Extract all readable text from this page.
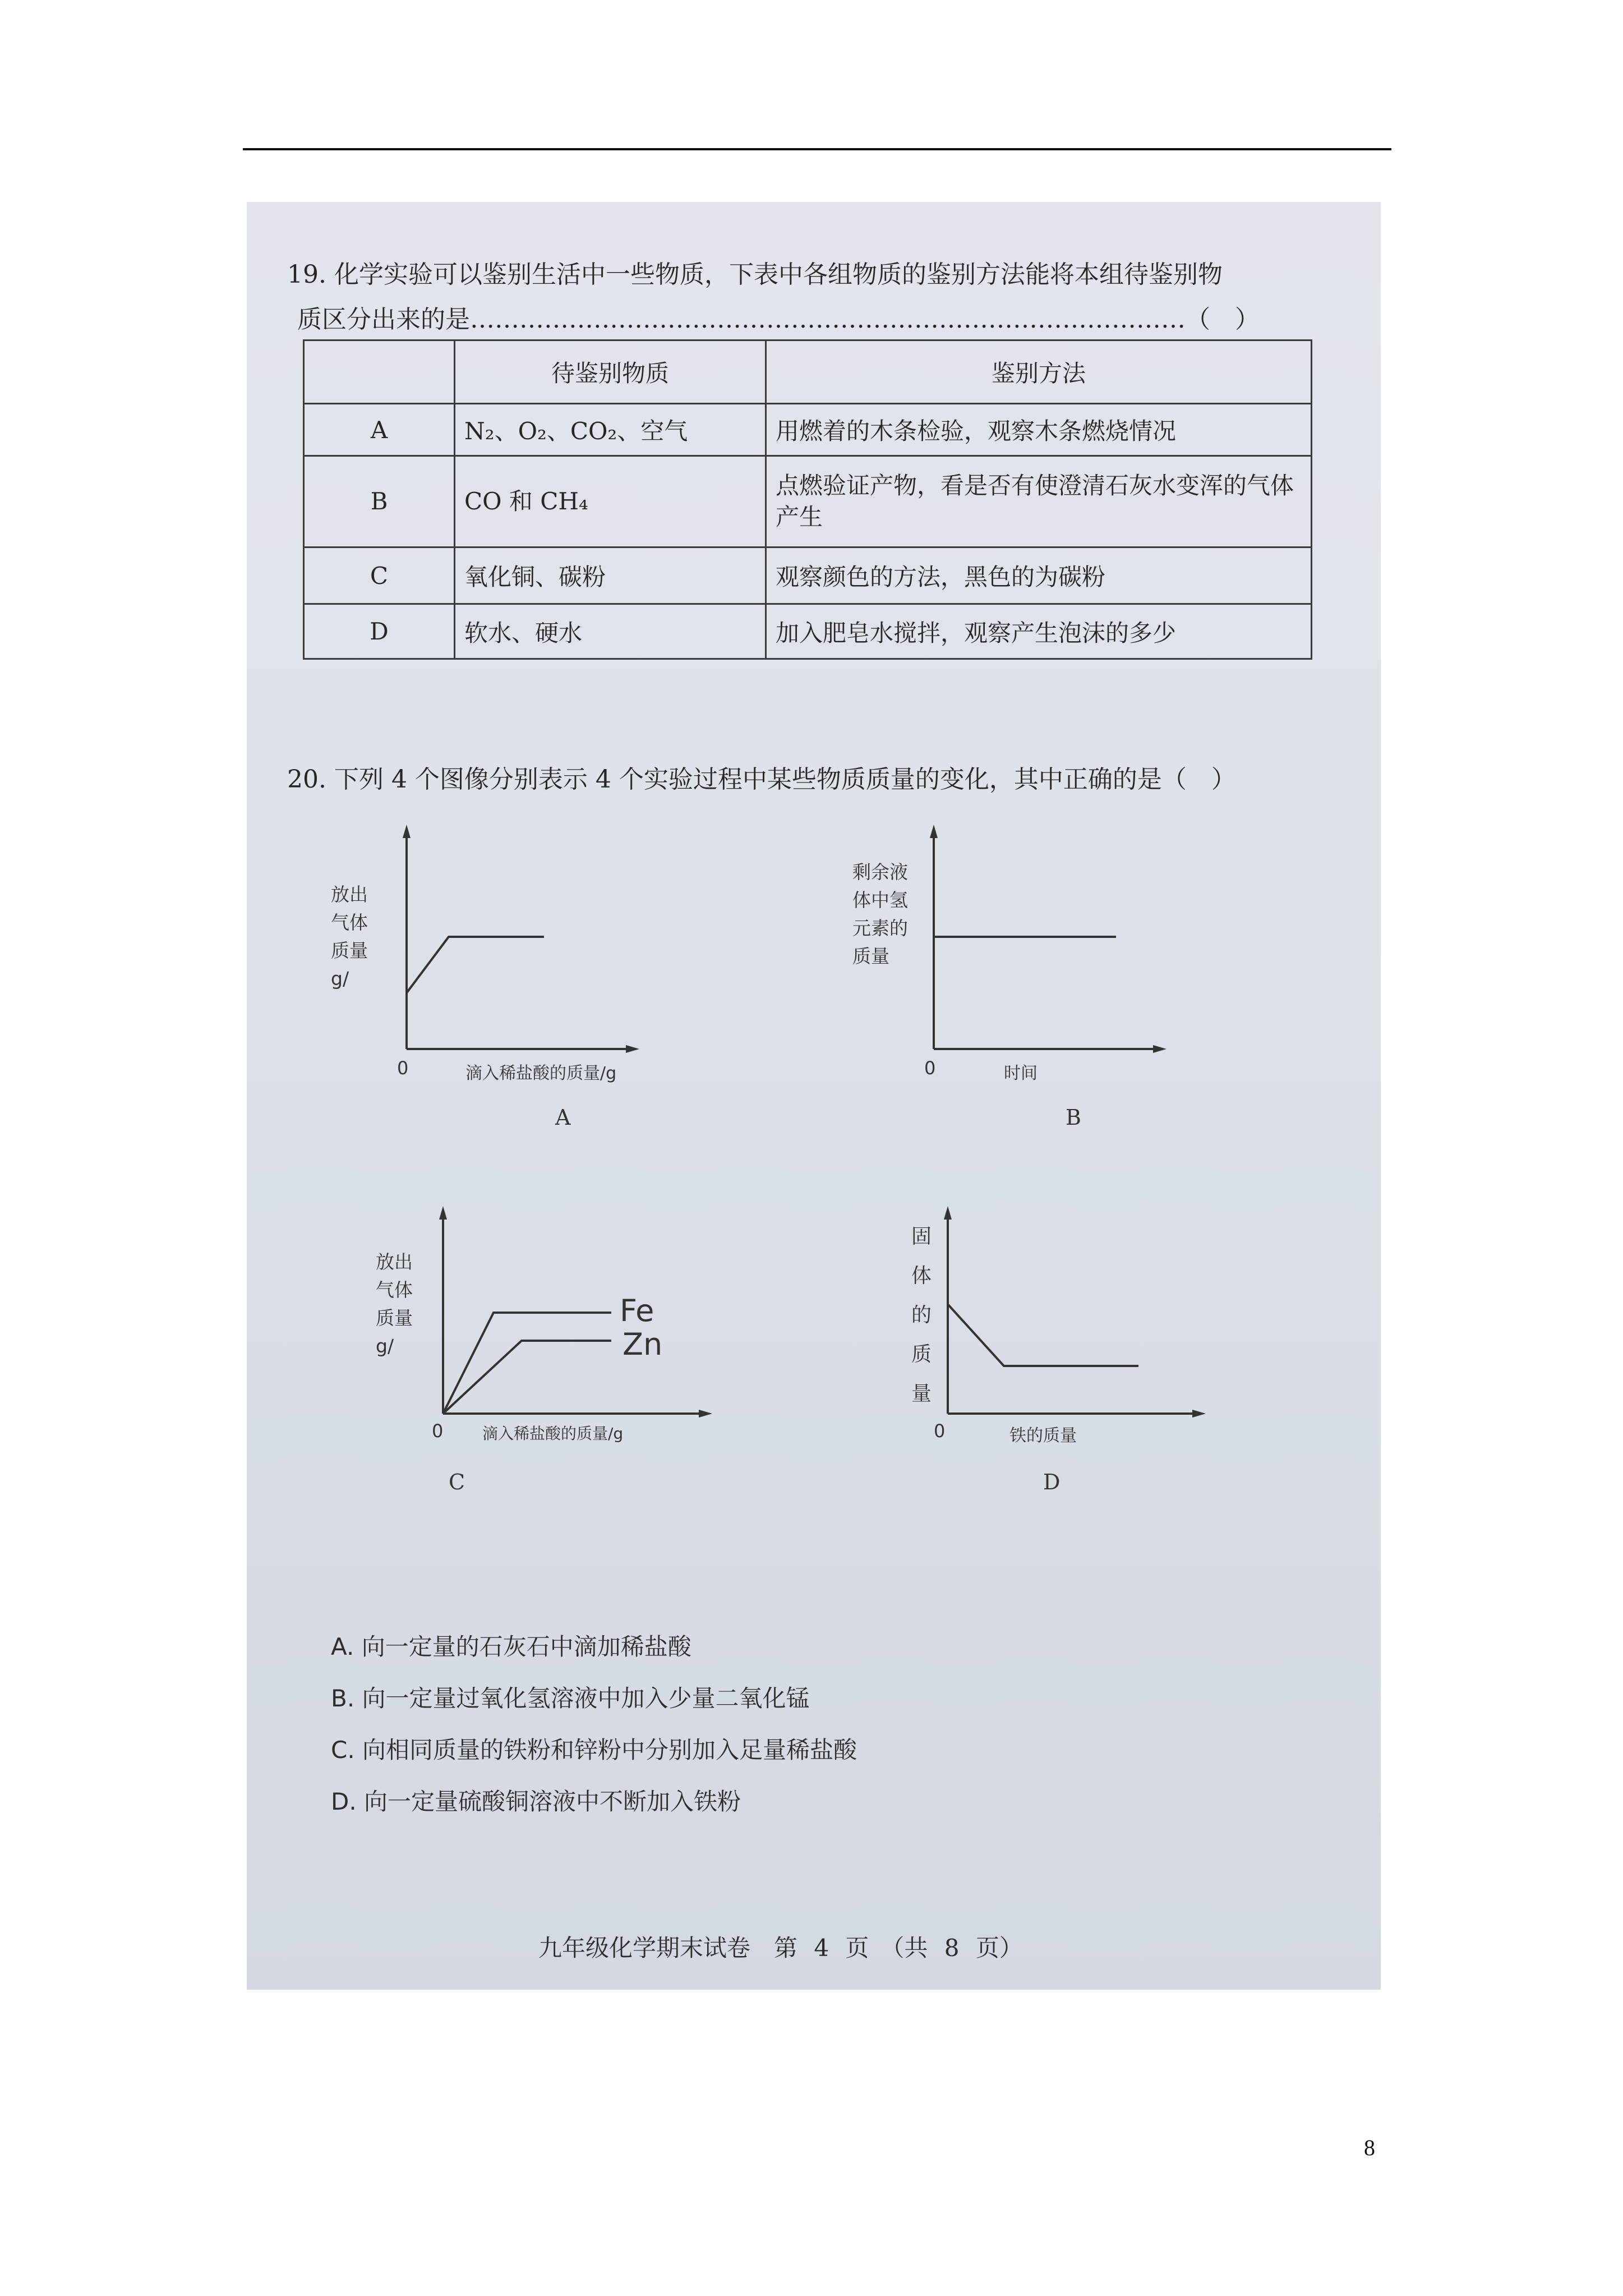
19. 化学实验可以鉴别生活中一些物质，下表中各组物质的鉴别方法能将本组待鉴别物
质区分出来的是……………………………………………………………………………（　）
	待鉴别物质	鉴别方法
A	N₂、O₂、CO₂、空气	用燃着的木条检验，观察木条燃烧情况
B	CO 和 CH₄	点燃验证产物，看是否有使澄清石灰水变浑的气体产生
C	氧化铜、碳粉	观察颜色的方法，黑色的为碳粉
D	软水、硬水	加入肥皂水搅拌，观察产生泡沫的多少
20. 下列 4 个图像分别表示 4 个实验过程中某些物质质量的变化，其中正确的是（　）
放出
气体
质量
g/
0	滴入稀盐酸的质量/g
A
剩余液
体中氢
元素的
质量
0	时间
B
放出
气体
质量
g/
Fe
Zn
0 滴入稀盐酸的质量/g
C
固
体
的
质
量
0	铁的质量
D
A. 向一定量的石灰石中滴加稀盐酸
B. 向一定量过氧化氢溶液中加入少量二氧化锰
C. 向相同质量的铁粉和锌粉中分别加入足量稀盐酸
D. 向一定量硫酸铜溶液中不断加入铁粉
九年级化学期末试卷　第 4 页　（共 8 页）
8
